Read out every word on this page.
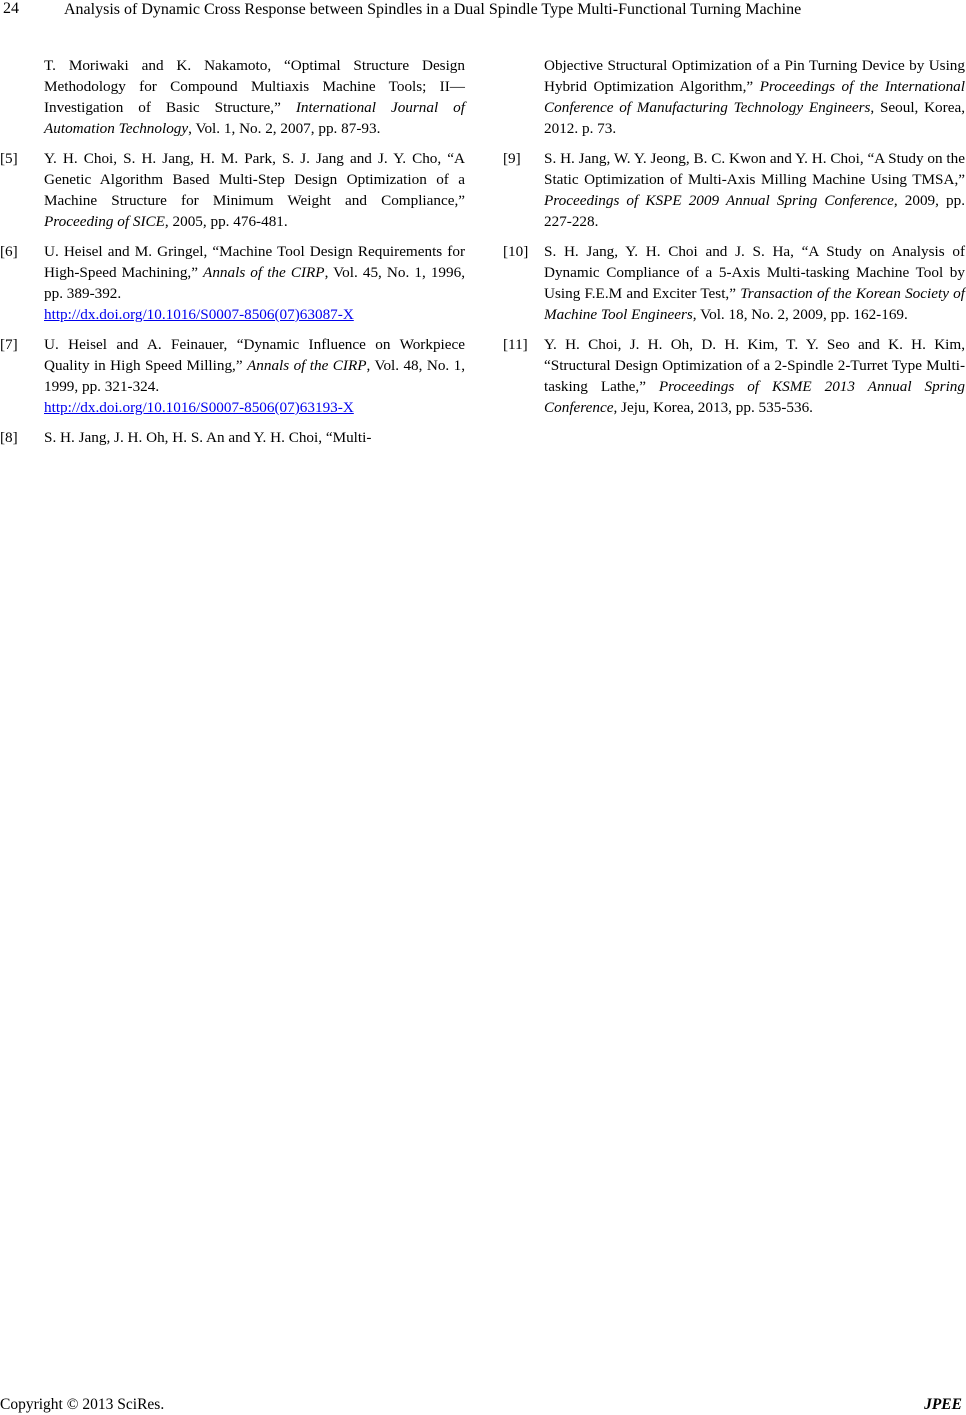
24	Analysis of Dynamic Cross Response between Spindles in a Dual Spindle Type Multi-Functional Turning Machine
T. Moriwaki and K. Nakamoto, “Optimal Structure Design Methodology for Compound Multiaxis Machine Tools; II—Investigation of Basic Structure,” International Journal of Automation Technology, Vol. 1, No. 2, 2007, pp. 87-93.
[5] Y. H. Choi, S. H. Jang, H. M. Park, S. J. Jang and J. Y. Cho, “A Genetic Algorithm Based Multi-Step Design Optimization of a Machine Structure for Minimum Weight and Compliance,” Proceeding of SICE, 2005, pp. 476-481.
[6] U. Heisel and M. Gringel, “Machine Tool Design Requirements for High-Speed Machining,” Annals of the CIRP, Vol. 45, No. 1, 1996, pp. 389-392.
http://dx.doi.org/10.1016/S0007-8506(07)63087-X
[7] U. Heisel and A. Feinauer, “Dynamic Influence on Workpiece Quality in High Speed Milling,” Annals of the CIRP, Vol. 48, No. 1, 1999, pp. 321-324.
http://dx.doi.org/10.1016/S0007-8506(07)63193-X
[8] S. H. Jang, J. H. Oh, H. S. An and Y. H. Choi, “Multi-
Objective Structural Optimization of a Pin Turning Device by Using Hybrid Optimization Algorithm,” Proceedings of the International Conference of Manufacturing Technology Engineers, Seoul, Korea, 2012. p. 73.
[9] S. H. Jang, W. Y. Jeong, B. C. Kwon and Y. H. Choi, “A Study on the Static Optimization of Multi-Axis Milling Machine Using TMSA,” Proceedings of KSPE 2009 Annual Spring Conference, 2009, pp. 227-228.
[10] S. H. Jang, Y. H. Choi and J. S. Ha, “A Study on Analysis of Dynamic Compliance of a 5-Axis Multi-tasking Machine Tool by Using F.E.M and Exciter Test,” Transaction of the Korean Society of Machine Tool Engineers, Vol. 18, No. 2, 2009, pp. 162-169.
[11] Y. H. Choi, J. H. Oh, D. H. Kim, T. Y. Seo and K. H. Kim, “Structural Design Optimization of a 2-Spindle 2-Turret Type Multi-tasking Lathe,” Proceedings of KSME 2013 Annual Spring Conference, Jeju, Korea, 2013, pp. 535-536.
Copyright © 2013 SciRes.	JPEE
